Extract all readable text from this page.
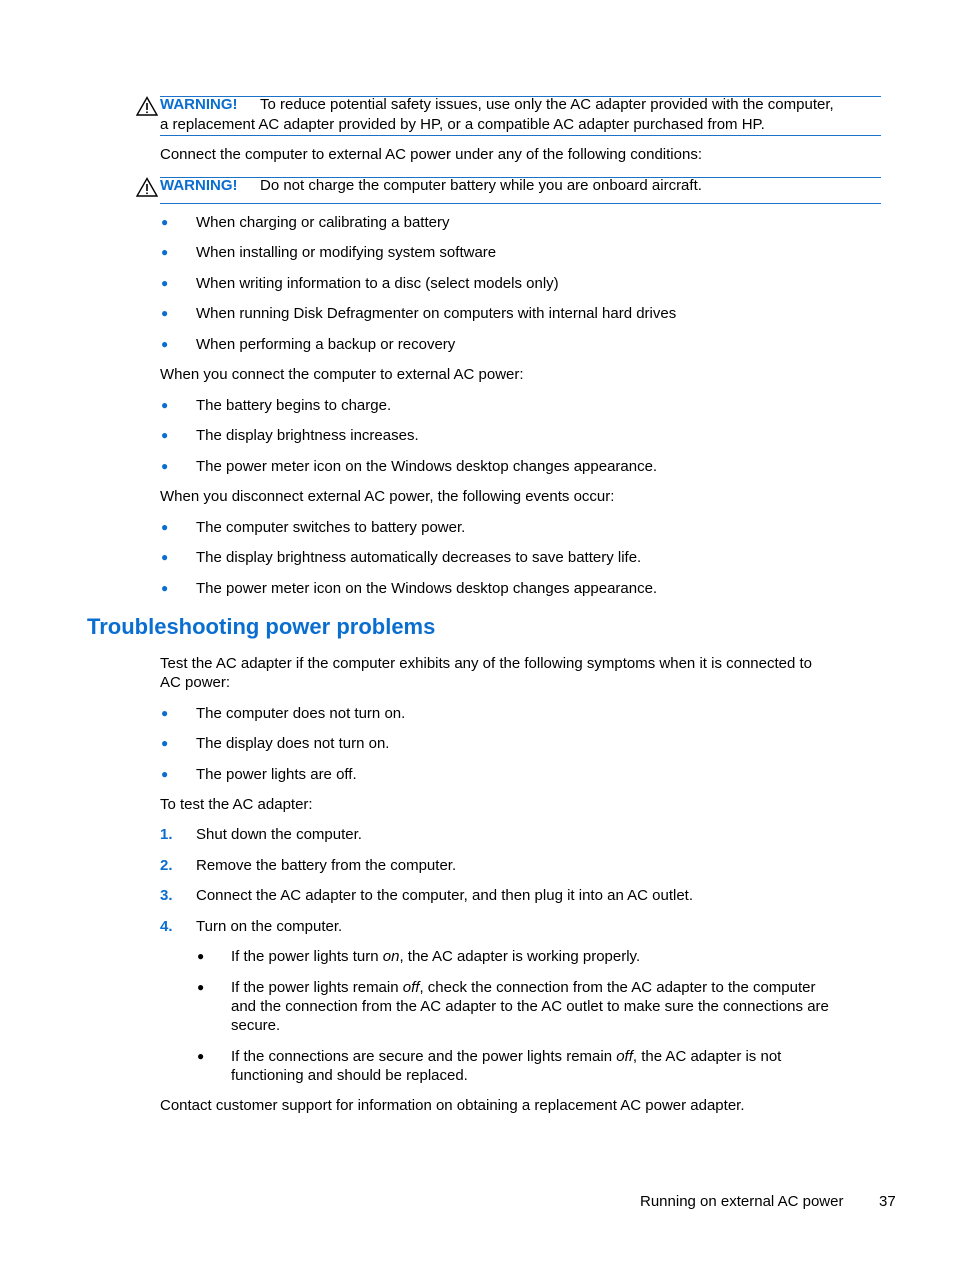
WARNING! To reduce potential safety issues, use only the AC adapter provided with the computer,
a replacement AC adapter provided by HP, or a compatible AC adapter purchased from HP.
Connect the computer to external AC power under any of the following conditions:
WARNING! Do not charge the computer battery while you are onboard aircraft.
● When charging or calibrating a battery
● When installing or modifying system software
● When writing information to a disc (select models only)
● When running Disk Defragmenter on computers with internal hard drives
● When performing a backup or recovery
When you connect the computer to external AC power:
● The battery begins to charge.
● The display brightness increases.
● The power meter icon on the Windows desktop changes appearance.
When you disconnect external AC power, the following events occur:
● The computer switches to battery power.
● The display brightness automatically decreases to save battery life.
● The power meter icon on the Windows desktop changes appearance.
Troubleshooting power problems
Test the AC adapter if the computer exhibits any of the following symptoms when it is connected to
AC power:
● The computer does not turn on.
● The display does not turn on.
● The power lights are off.
To test the AC adapter:
1. Shut down the computer.
2. Remove the battery from the computer.
3. Connect the AC adapter to the computer, and then plug it into an AC outlet.
4. Turn on the computer.
● If the power lights turn on, the AC adapter is working properly.
● If the power lights remain off, check the connection from the AC adapter to the computer
and the connection from the AC adapter to the AC outlet to make sure the connections are
secure.
● If the connections are secure and the power lights remain off, the AC adapter is not
functioning and should be replaced.
Contact customer support for information on obtaining a replacement AC power adapter.
Running on external AC power 37
